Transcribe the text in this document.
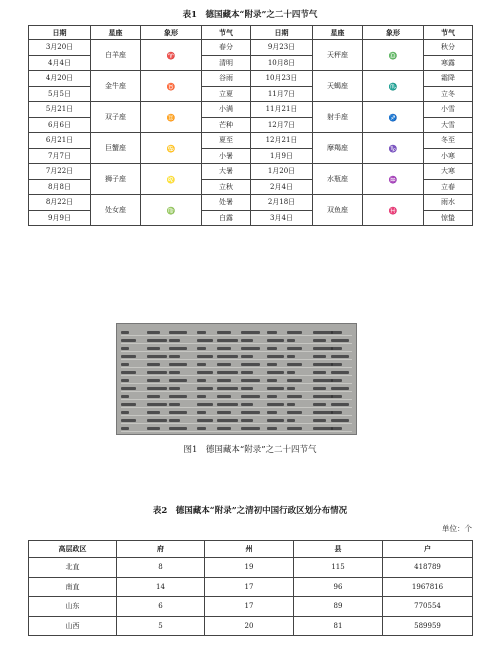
表1　德国藏本“附录”之二十四节气
日期	星座	象形	节气	日期	星座	象形	节气
3月20日	白羊座	♈	春分	9月23日	天秤座	♎	秋分
4月4日			清明	10月8日			寒露
4月20日	金牛座	♉	谷雨	10月23日	天蝎座	♏	霜降
5月5日			立夏	11月7日			立冬
5月21日	双子座	♊	小满	11月21日	射手座	♐	小雪
6月6日			芒种	12月7日			大雪
6月21日	巨蟹座	♋	夏至	12月21日	摩羯座	♑	冬至
7月7日			小暑	1月9日			小寒
7月22日	狮子座	♌	大暑	1月20日	水瓶座	♒	大寒
8月8日			立秋	2月4日			立春
8月22日	处女座	♍	处暑	2月18日	双鱼座	♓	雨水
9月9日			白露	3月4日			惊蛰
图1　德国藏本“附录”之二十四节气
表2　德国藏本“附录”之清初中国行政区划分布情况
单位：个
高层政区	府	州	县	户
北直	8	19	115	418789
南直	14	17	96	1967816
山东	6	17	89	770554
山西	5	20	81	589959
